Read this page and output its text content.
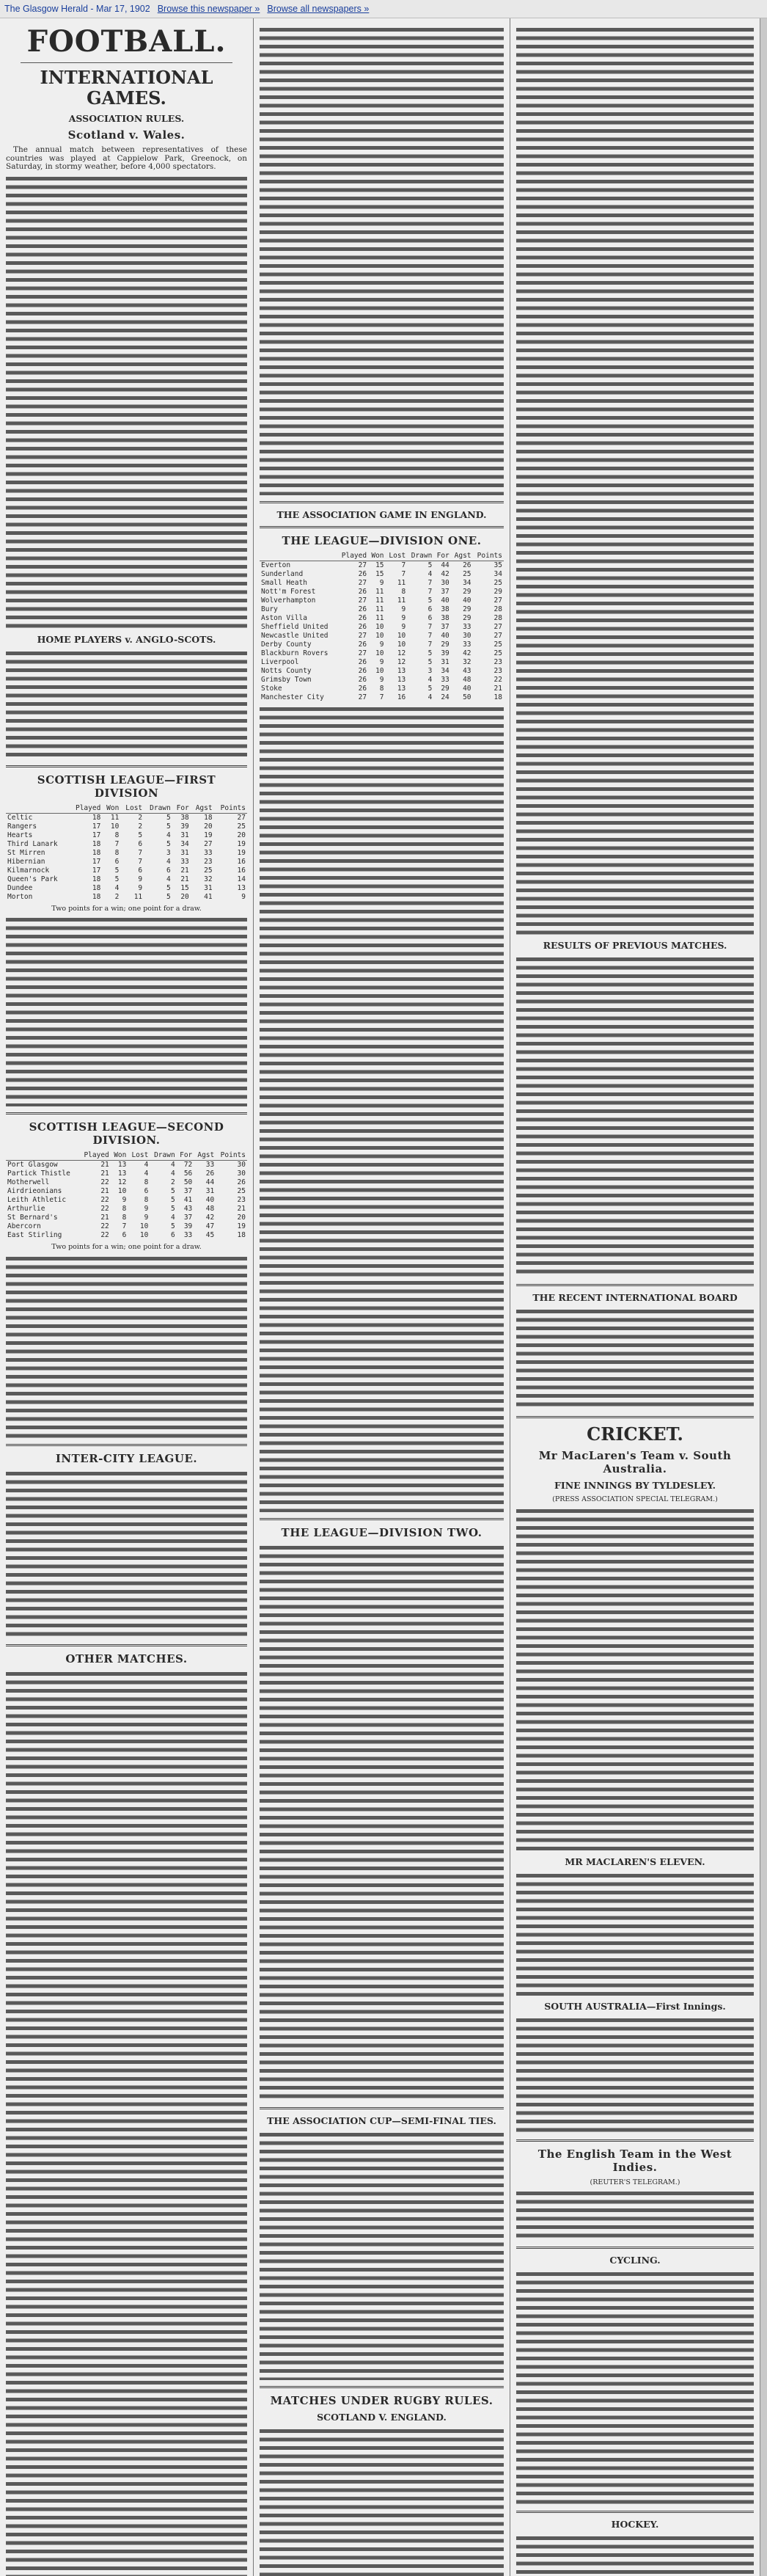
The Glasgow Herald - Mar 17, 1902 Browse this newspaper » Browse all newspapers »
FOOTBALL.
INTERNATIONAL GAMES.
ASSOCIATION RULES.
Scotland v. Wales.

The annual match between representatives of these countries was played at Cappielow Park, Greenock, on Saturday, in stormy weather, before 4,000 spectators.

HOME PLAYERS v. ANGLO-SCOTS.
SCOTTISH LEAGUE—FIRST DIVISION
	Played	Won	Lost	Drawn	For	Agst	Points
Celtic	18	11	2	5	38	18	27
Rangers	17	10	2	5	39	20	25
Hearts	17	8	5	4	31	19	20
Third Lanark	18	7	6	5	34	27	19
St Mirren	18	8	7	3	31	33	19
Hibernian	17	6	7	4	33	23	16
Kilmarnock	17	5	6	6	21	25	16
Queen's Park	18	5	9	4	21	32	14
Dundee	18	4	9	5	15	31	13
Morton	18	2	11	5	20	41	9
Two points for a win; one point for a draw.
SCOTTISH LEAGUE—SECOND DIVISION.
	Played	Won	Lost	Drawn	For	Agst	Points
Port Glasgow	21	13	4	4	72	33	30
Partick Thistle	21	13	4	4	56	26	30
Motherwell	22	12	8	2	50	44	26
Airdrieonians	21	10	6	5	37	31	25
Leith Athletic	22	9	8	5	41	40	23
Arthurlie	22	8	9	5	43	48	21
St Bernard's	21	8	9	4	37	42	20
Abercorn	22	7	10	5	39	47	19
East Stirling	22	6	10	6	33	45	18
Two points for a win; one point for a draw.
INTER-CITY LEAGUE.
OTHER MATCHES.
THE ASSOCIATION GAME IN ENGLAND.
THE LEAGUE—DIVISION ONE.
	Played	Won	Lost	Drawn	For	Agst	Points
Everton	27	15	7	5	44	26	35
Sunderland	26	15	7	4	42	25	34
Small Heath	27	9	11	7	30	34	25
Nott'm Forest	26	11	8	7	37	29	29
Wolverhampton	27	11	11	5	40	40	27
Bury	26	11	9	6	38	29	28
Aston Villa	26	11	9	6	38	29	28
Sheffield United	26	10	9	7	37	33	27
Newcastle United	27	10	10	7	40	30	27
Derby County	26	9	10	7	29	33	25
Blackburn Rovers	27	10	12	5	39	42	25
Liverpool	26	9	12	5	31	32	23
Notts County	26	10	13	3	34	43	23
Grimsby Town	26	9	13	4	33	48	22
Stoke	26	8	13	5	29	40	21
Manchester City	27	7	16	4	24	50	18
THE LEAGUE—DIVISION TWO.
THE ASSOCIATION CUP—SEMI-FINAL TIES.
MATCHES UNDER RUGBY RULES.
SCOTLAND V. ENGLAND.
RESULTS OF PREVIOUS MATCHES.
THE RECENT INTERNATIONAL BOARD
CRICKET.
Mr MacLaren's Team v. South Australia.
FINE INNINGS BY TYLDESLEY.
(PRESS ASSOCIATION SPECIAL TELEGRAM.)
MR MACLAREN'S ELEVEN.
SOUTH AUSTRALIA—First Innings.
The English Team in the West Indies.
(REUTER'S TELEGRAM.)
CYCLING.
HOCKEY.
